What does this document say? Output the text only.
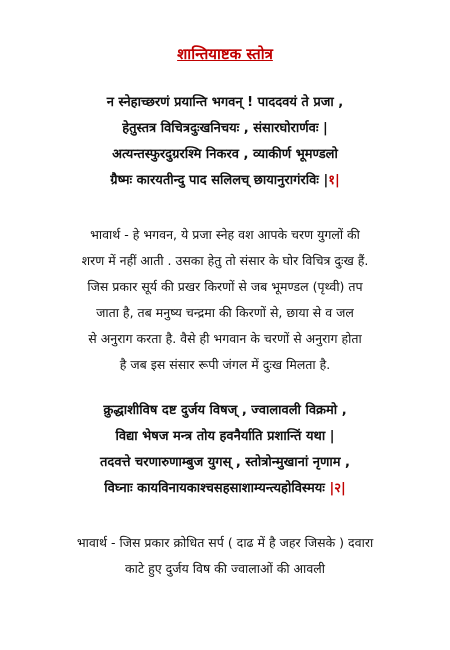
शान्तियाष्टक स्तोत्र
न स्नेहाच्छरणं प्रयान्ति भगवन् ! पाददवयं ते प्रजा ,
हेतुस्तत्र विचित्रदुःखनिचयः , संसारघोरार्णवः |
अत्यन्तस्फुरदुग्ररश्मि निकरव , व्याकीर्ण भूमण्डलो
ग्रैष्मः कारयतीन्दु पाद सलिलच् छायानुरागंरविः |१|
भावार्थ - हे भगवन, ये प्रजा स्नेह वश आपके चरण युगलों की
शरण में नहीं आती . उसका हेतु तो संसार के घोर विचित्र दुःख हैं.
जिस प्रकार सूर्य की प्रखर किरणों से जब भूमण्डल (पृथ्वी) तप
जाता है, तब मनुष्य चन्द्रमा की किरणों से, छाया से व जल
से अनुराग करता है. वैसे ही भगवान के चरणों से अनुराग होता
है जब इस संसार रूपी जंगल में दुःख मिलता है.
क्रुद्धाशीविष दष्ट दुर्जय विषज् , ज्वालावली विक्रमो ,
विद्या भेषज मन्त्र तोय हवनैर्याति प्रशान्तिं यथा |
तदवत्ते चरणारुणाम्बुज युगस् , स्तोत्रोन्मुखानां नृणाम ,
विघ्नाः कायविनायकाश्चसहसाशाम्यन्त्यहोविस्मयः |२|
भावार्थ - जिस प्रकार क्रोधित सर्प ( दाढ में है जहर जिसके ) दवारा
काटे हुए दुर्जय विष की ज्वालाओं की आवली
